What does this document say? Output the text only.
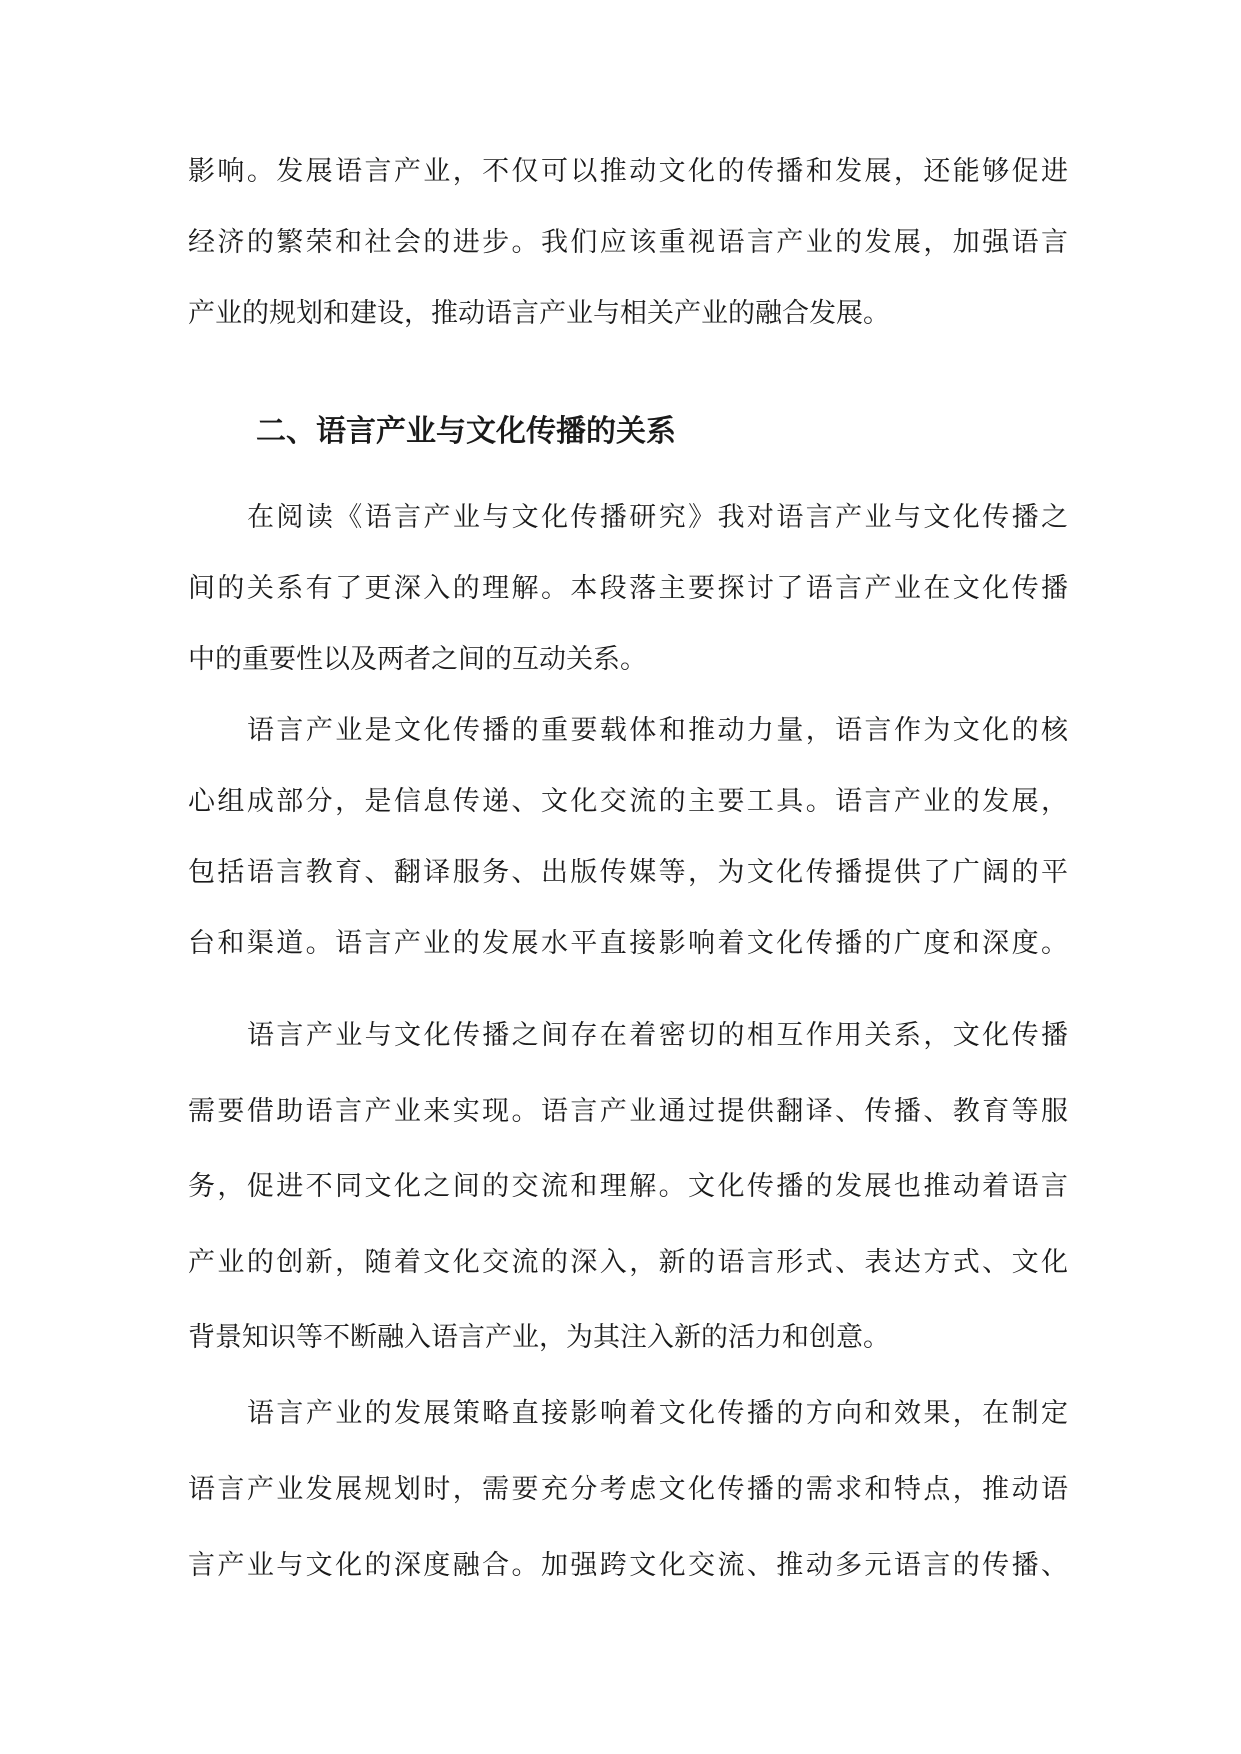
影响。发展语言产业，不仅可以推动文化的传播和发展，还能够促进
经济的繁荣和社会的进步。我们应该重视语言产业的发展，加强语言
产业的规划和建设，推动语言产业与相关产业的融合发展。
二、语言产业与文化传播的关系
在阅读《语言产业与文化传播研究》我对语言产业与文化传播之
间的关系有了更深入的理解。本段落主要探讨了语言产业在文化传播
中的重要性以及两者之间的互动关系。
语言产业是文化传播的重要载体和推动力量，语言作为文化的核
心组成部分，是信息传递、文化交流的主要工具。语言产业的发展，
包括语言教育、翻译服务、出版传媒等，为文化传播提供了广阔的平
台和渠道。语言产业的发展水平直接影响着文化传播的广度和深度。
语言产业与文化传播之间存在着密切的相互作用关系，文化传播
需要借助语言产业来实现。语言产业通过提供翻译、传播、教育等服
务，促进不同文化之间的交流和理解。文化传播的发展也推动着语言
产业的创新，随着文化交流的深入，新的语言形式、表达方式、文化
背景知识等不断融入语言产业，为其注入新的活力和创意。
语言产业的发展策略直接影响着文化传播的方向和效果，在制定
语言产业发展规划时，需要充分考虑文化传播的需求和特点，推动语
言产业与文化的深度融合。加强跨文化交流、推动多元语言的传播、
